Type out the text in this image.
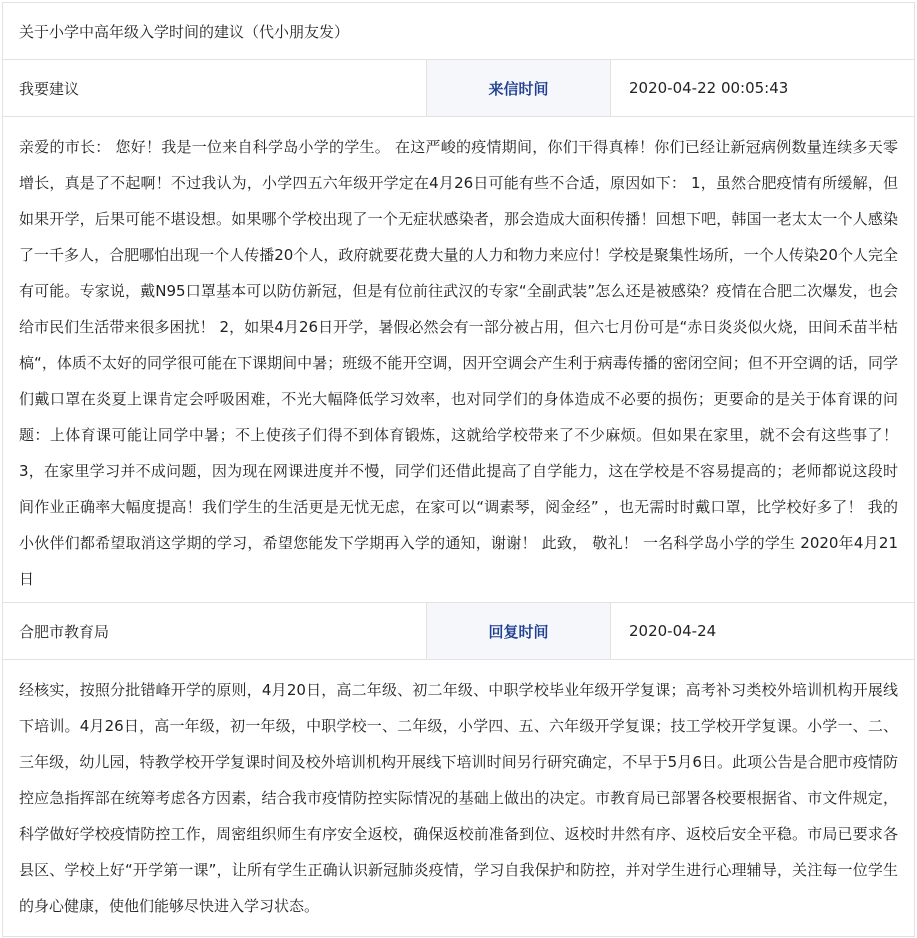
关于小学中高年级入学时间的建议（代小朋友发）
我要建议	来信时间	2020-04-22 00:05:43
亲爱的市长： 您好！我是一位来自科学岛小学的学生。 在这严峻的疫情期间，你们干得真棒！你们已经让新冠病例数量连续多天零增长，真是了不起啊！不过我认为，小学四五六年级开学定在4月26日可能有些不合适，原因如下： 1，虽然合肥疫情有所缓解，但如果开学，后果可能不堪设想。如果哪个学校出现了一个无症状感染者，那会造成大面积传播！回想下吧，韩国一老太太一个人感染了一千多人，合肥哪怕出现一个人传播20个人，政府就要花费大量的人力和物力来应付！学校是聚集性场所，一个人传染20个人完全有可能。专家说，戴N95口罩基本可以防仿新冠，但是有位前往武汉的专家“全副武装”怎么还是被感染？疫情在合肥二次爆发，也会给市民们生活带来很多困扰！ 2，如果4月26日开学，暑假必然会有一部分被占用，但六七月份可是“赤日炎炎似火烧，田间禾苗半枯槁“，体质不太好的同学很可能在下课期间中暑；班级不能开空调，因开空调会产生利于病毒传播的密闭空间；但不开空调的话，同学们戴口罩在炎夏上课肯定会呼吸困难，不光大幅降低学习效率，也对同学们的身体造成不必要的损伤；更要命的是关于体育课的问题：上体育课可能让同学中暑；不上使孩子们得不到体育锻炼，这就给学校带来了不少麻烦。但如果在家里，就不会有这些事了！ 3，在家里学习并不成问题，因为现在网课进度并不慢，同学们还借此提高了自学能力，这在学校是不容易提高的；老师都说这段时间作业正确率大幅度提高！我们学生的生活更是无忧无虑，在家可以“调素琴，阅金经” ，也无需时时戴口罩，比学校好多了！ 我的小伙伴们都希望取消这学期的学习，希望您能发下学期再入学的通知，谢谢！ 此致， 敬礼！ 一名科学岛小学的学生 2020年4月21日
合肥市教育局	回复时间	2020-04-24
经核实，按照分批错峰开学的原则，4月20日，高二年级、初二年级、中职学校毕业年级开学复课；高考补习类校外培训机构开展线下培训。4月26日，高一年级，初一年级，中职学校一、二年级，小学四、五、六年级开学复课；技工学校开学复课。小学一、二、三年级，幼儿园，特教学校开学复课时间及校外培训机构开展线下培训时间另行研究确定，不早于5月6日。此项公告是合肥市疫情防控应急指挥部在统筹考虑各方因素，结合我市疫情防控实际情况的基础上做出的决定。市教育局已部署各校要根据省、市文件规定，科学做好学校疫情防控工作，周密组织师生有序安全返校，确保返校前准备到位、返校时井然有序、返校后安全平稳。市局已要求各县区、学校上好“开学第一课”，让所有学生正确认识新冠肺炎疫情，学习自我保护和防控，并对学生进行心理辅导，关注每一位学生的身心健康，使他们能够尽快进入学习状态。
